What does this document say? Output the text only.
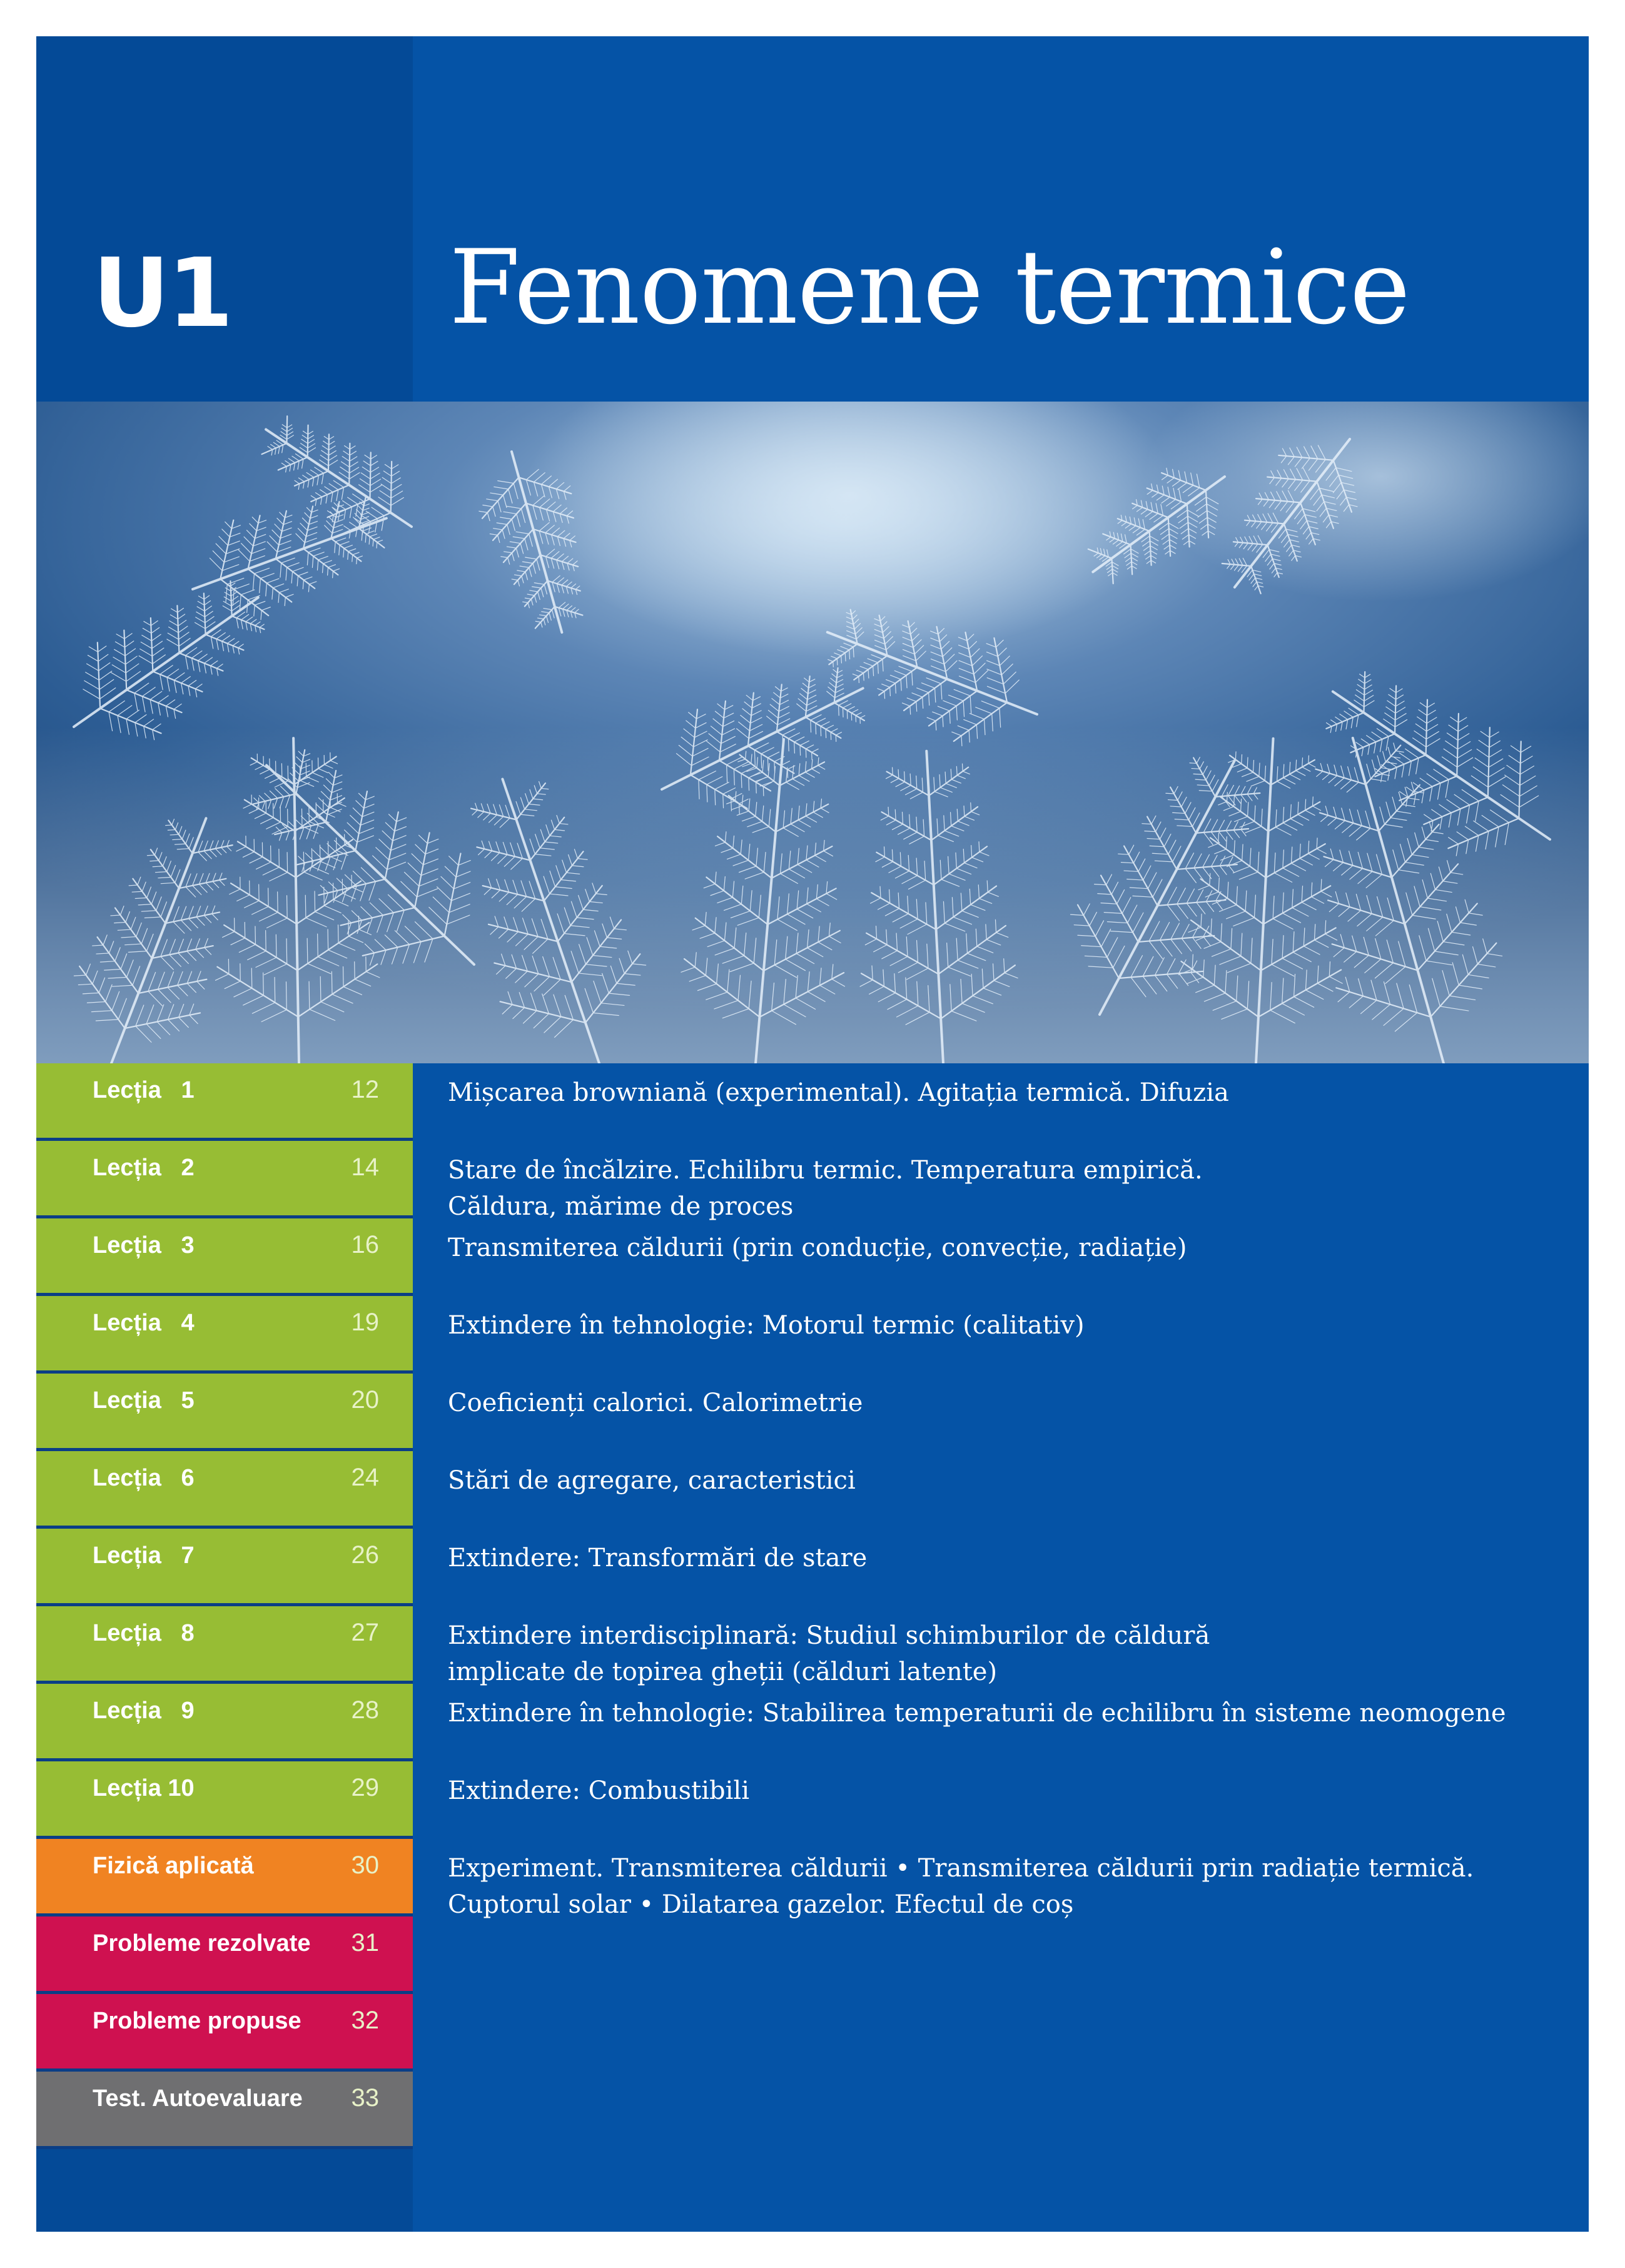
U1 Fenomene termice
Lecția   1	12	Mișcarea browniană (experimental). Agitația termică. Difuzia
Lecția   2	14	Stare de încălzire. Echilibru termic. Temperatura empirică.
Căldura, mărime de proces
Lecția   3	16	Transmiterea căldurii (prin conducție, convecție, radiație)
Lecția   4	19	Extindere în tehnologie: Motorul termic (calitativ)
Lecția   5	20	Coeficienți calorici. Calorimetrie
Lecția   6	24	Stări de agregare, caracteristici
Lecția   7	26	Extindere: Transformări de stare
Lecția   8	27	Extindere interdisciplinară: Studiul schimburilor de căldură
implicate de topirea gheții (călduri latente)
Lecția   9	28	Extindere în tehnologie: Stabilirea temperaturii de echilibru în sisteme neomogene
Lecția 10	29	Extindere: Combustibili
Fizică aplicată	30	Experiment. Transmiterea căldurii • Transmiterea căldurii prin radiație termică.
Cuptorul solar • Dilatarea gazelor. Efectul de coș
Probleme rezolvate 31
Probleme propuse 32
Test. Autoevaluare 33
